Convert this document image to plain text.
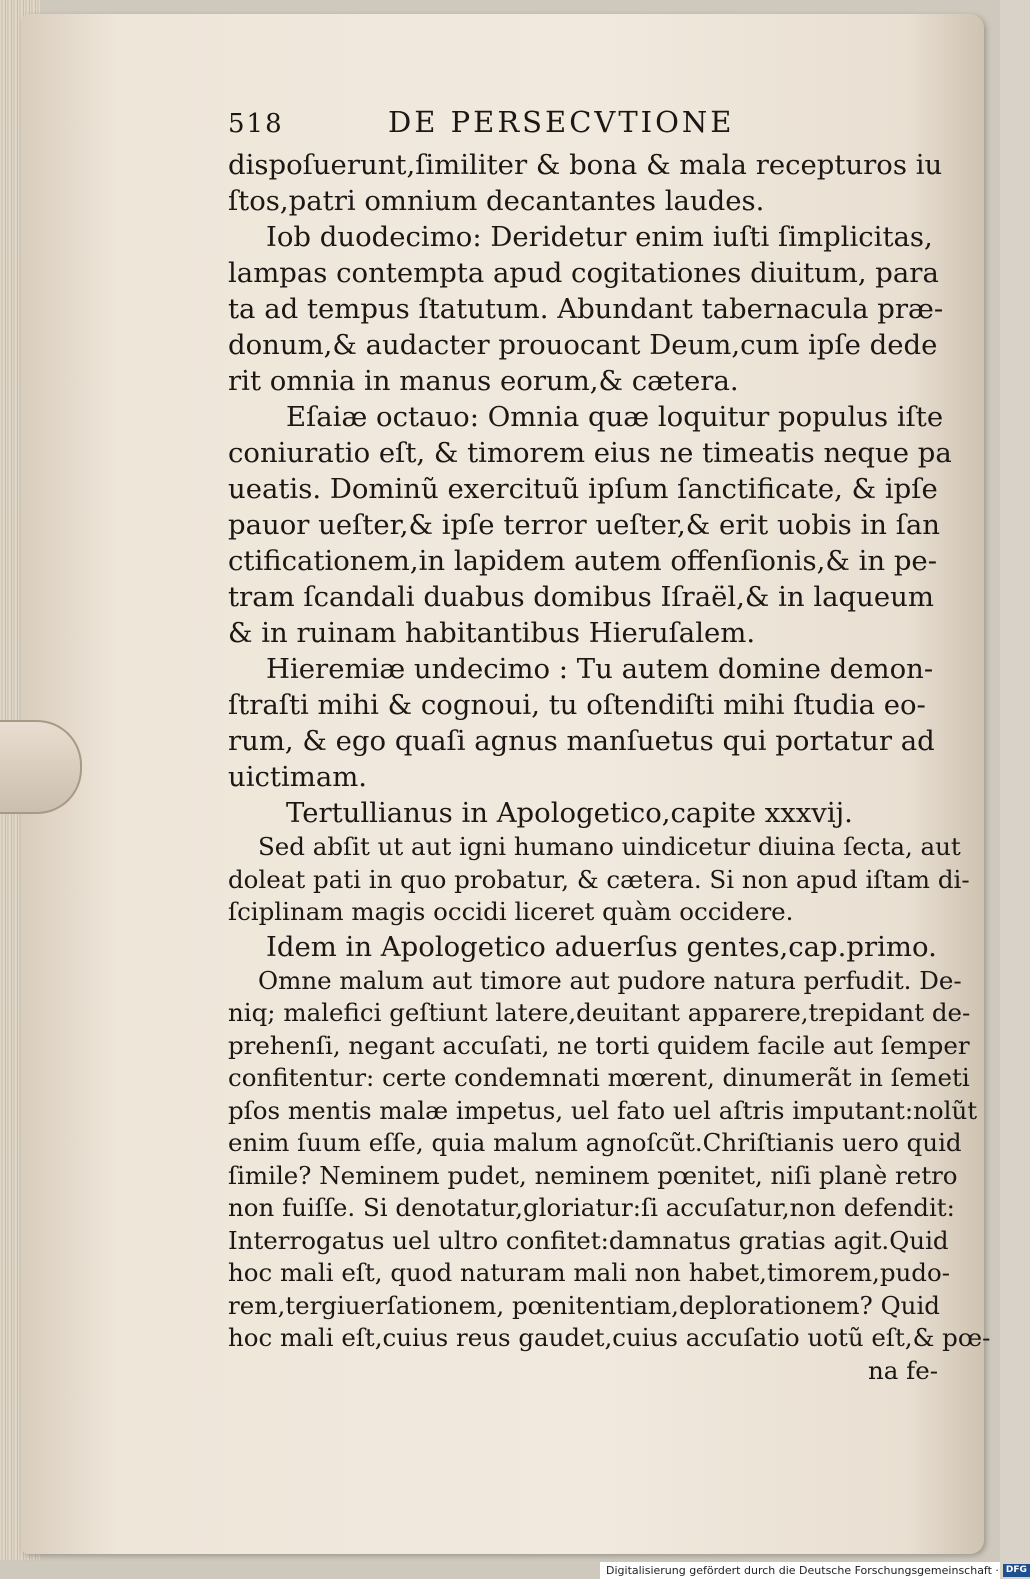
518	DE PERSECVTIONE
dispoſuerunt,ſimiliter & bona & mala recepturos iu
ſtos,patri omnium decantantes laudes.
Iob duodecimo: Deridetur enim iuſti ſimplicitas,
lampas contempta apud cogitationes diuitum, para
ta ad tempus ſtatutum. Abundant tabernacula præ-
donum,& audacter prouocant Deum,cum ipſe dede
rit omnia in manus eorum,& cætera.
Eſaiæ octauo: Omnia quæ loquitur populus iſte
coniuratio eſt, & timorem eius ne timeatis neque pa
ueatis. Dominũ exercituũ ipſum ſanctificate, & ipſe
pauor ueſter,& ipſe terror ueſter,& erit uobis in ſan
ctificationem,in lapidem autem offenſionis,& in pe-
tram ſcandali duabus domibus Iſraël,& in laqueum
& in ruinam habitantibus Hieruſalem.
Hieremiæ undecimo : Tu autem domine demon-
ſtraſti mihi & cognoui, tu oſtendiſti mihi ſtudia eo-
rum, & ego quaſi agnus manſuetus qui portatur ad
uictimam.
Tertullianus in Apologetico,capite xxxvij.
Sed abſit ut aut igni humano uindicetur diuina ſecta, aut
doleat pati in quo probatur, & cætera. Si non apud iſtam di-
ſciplinam magis occidi liceret quàm occidere.
Idem in Apologetico aduerſus gentes,cap.primo.
Omne malum aut timore aut pudore natura perfudit. De-
niq; malefici geſtiunt latere,deuitant apparere,trepidant de-
prehenſi, negant accuſati, ne torti quidem facile aut ſemper
confitentur: certe condemnati mœrent, dinumerãt in ſemeti
pſos mentis malæ impetus, uel fato uel aſtris imputant:nolũt
enim ſuum eſſe, quia malum agnoſcũt.Chriſtianis uero quid
ſimile? Neminem pudet, neminem pœnitet, niſi planè retro
non fuiſſe. Si denotatur,gloriatur:ſi accuſatur,non defendit:
Interrogatus uel ultro confitet:damnatus gratias agit.Quid
hoc mali eſt, quod naturam mali non habet,timorem,pudo-
rem,tergiuerſationem, pœnitentiam,deplorationem? Quid
hoc mali eſt,cuius reus gaudet,cuius accuſatio uotũ eſt,& pœ-
na fe-
Digitalisierung gefördert durch die Deutsche Forschungsgemeinschaft · DFG
